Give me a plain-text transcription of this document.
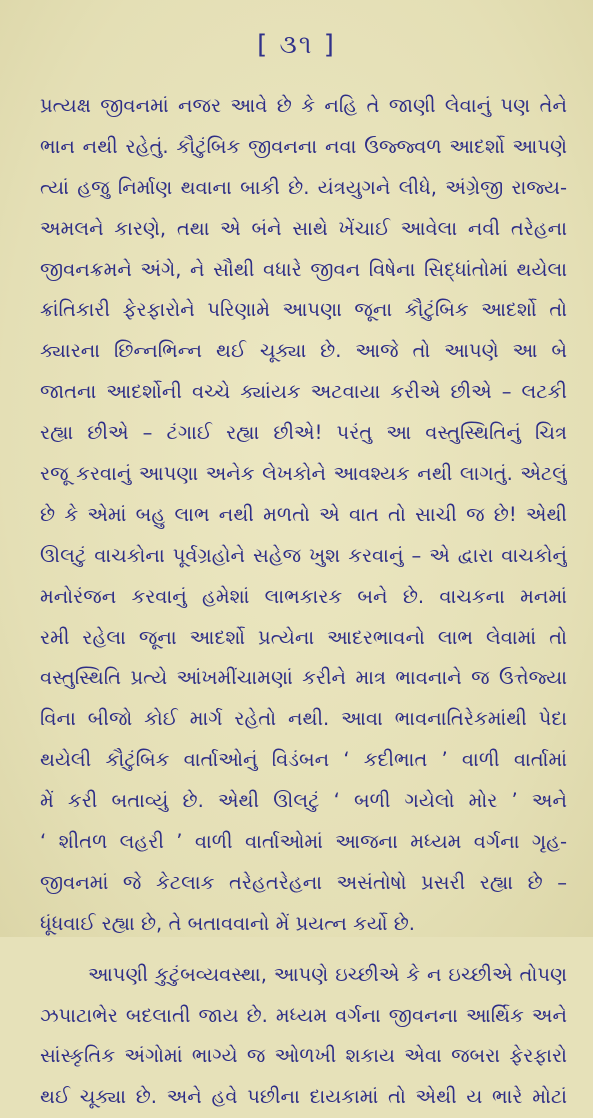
[ ૩૧ ]
પ્રત્યક્ષ જીવનમાં નજર આવે છે કે નહિ તે જાણી લેવાનું પણ તેને
ભાન નથી રહેતું. કૌટુંબિક જીવનના નવા ઉજ્જ્વળ આદર્શો આપણે
ત્યાં હજુ નિર્માણ થવાના બાકી છે. યંત્રયુગને લીધે, અંગ્રેજી રાજ્ય-
અમલને કારણે, તથા એ બંને સાથે ખેંચાઈ આવેલા નવી તરેહના
જીવનક્રમને અંગે, ને સૌથી વધારે જીવન વિષેના સિદ્ધાંતોમાં થયેલા
ક્રાંતિકારી ફેરફારોને પરિણામે આપણા જૂના કૌટુંબિક આદર્શો તો
ક્યારના છિન્નભિન્ન થઈ ચૂક્યા છે. આજે તો આપણે આ બે
જાતના આદર્શોની વચ્ચે ક્યાંયક અટવાયા કરીએ છીએ – લટકી
રહ્યા છીએ – ટંગાઈ રહ્યા છીએ! પરંતુ આ વસ્તુસ્થિતિનું ચિત્ર
રજૂ કરવાનું આપણા અનેક લેખકોને આવશ્યક નથી લાગતું. એટલું
છે કે એમાં બહુ લાભ નથી મળતો એ વાત તો સાચી જ છે! એથી
ઊલટું વાચકોના પૂર્વગ્રહોને સહેજ ખુશ કરવાનું – એ દ્વારા વાચકોનું
મનોરંજન કરવાનું હમેશાં લાભકારક બને છે. વાચકના મનમાં
રમી રહેલા જૂના આદર્શો પ્રત્યેના આદરભાવનો લાભ લેવામાં તો
વસ્તુસ્થિતિ પ્રત્યે આંખમીંચામણાં કરીને માત્ર ભાવનાને જ ઉત્તેજ્યા
વિના બીજો કોઈ માર્ગ રહેતો નથી. આવા ભાવનાતિરેકમાંથી પેદા
થયેલી કૌટુંબિક વાર્તાઓનું વિડંબન ‘ કદીભાત ’ વાળી વાર્તામાં
મેં કરી બતાવ્યું છે. એથી ઊલટું ‘ બળી ગયેલો મોર ’ અને
‘ શીતળ લહરી ’ વાળી વાર્તાઓમાં આજના મધ્યમ વર્ગના ગૃહ-
જીવનમાં જે કેટલાક તરેહતરેહના અસંતોષો પ્રસરી રહ્યા છે –
ધૂંધવાઈ રહ્યા છે, તે બતાવવાનો મેં પ્રયત્ન કર્યો છે.
આપણી કુટુંબવ્યવસ્થા, આપણે ઇચ્છીએ કે ન ઇચ્છીએ તોપણ
ઝપાટાભેર બદલાતી જાય છે. મધ્યમ વર્ગના જીવનના આર્થિક અને
સાંસ્કૃતિક અંગોમાં ભાગ્યે જ ઓળખી શકાય એવા જબરા ફેરફારો
થઈ ચૂક્યા છે. અને હવે પછીના દાયકામાં તો એથી ય ભારે મોટાં
